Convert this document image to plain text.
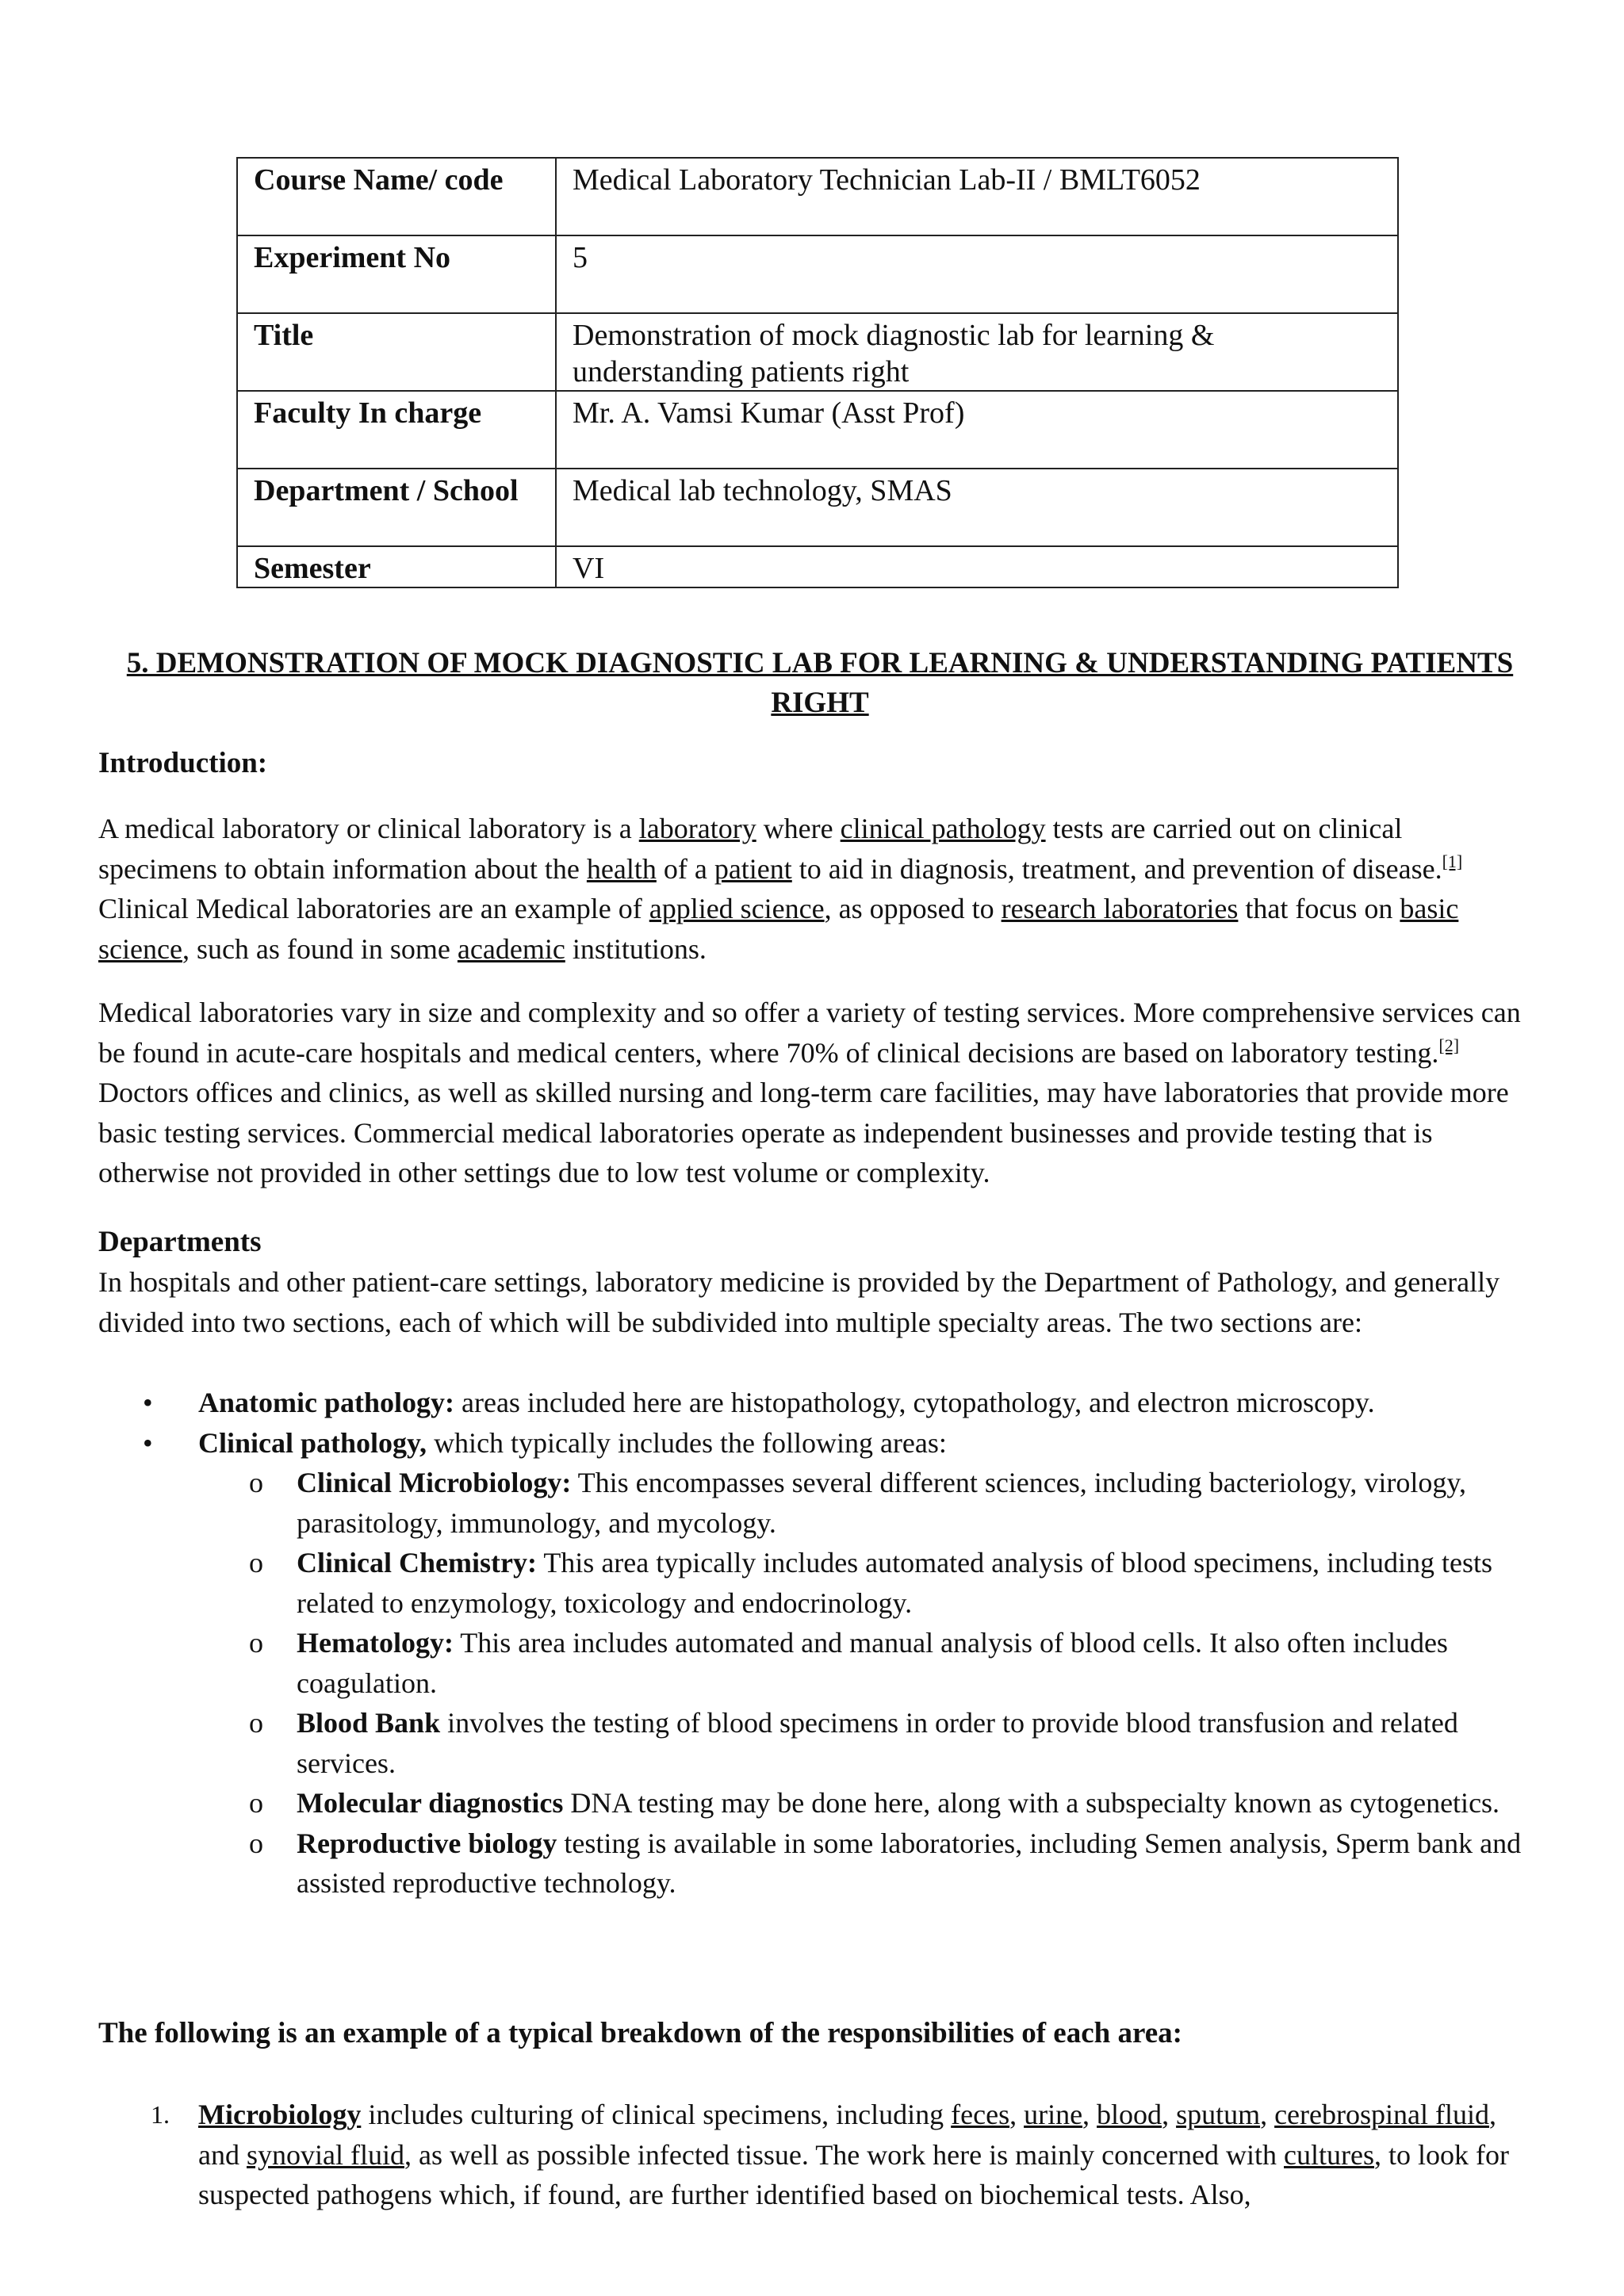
Course Name/ code	Medical Laboratory Technician Lab-II / BMLT6052
Experiment No	5
Title	Demonstration of mock diagnostic lab for learning & understanding patients right
Faculty In charge	Mr. A. Vamsi Kumar (Asst Prof)
Department / School	Medical lab technology, SMAS
Semester	VI
5. DEMONSTRATION OF MOCK DIAGNOSTIC LAB FOR LEARNING & UNDERSTANDING PATIENTS
RIGHT
Introduction:

A medical laboratory or clinical laboratory is a laboratory where clinical pathology tests are carried out on clinical specimens to obtain information about the health of a patient to aid in diagnosis, treatment, and prevention of disease.[1] Clinical Medical laboratories are an example of applied science, as opposed to research laboratories that focus on basic science, such as found in some academic institutions.

Medical laboratories vary in size and complexity and so offer a variety of testing services. More comprehensive services can be found in acute-care hospitals and medical centers, where 70% of clinical decisions are based on laboratory testing.[2] Doctors offices and clinics, as well as skilled nursing and long-term care facilities, may have laboratories that provide more basic testing services. Commercial medical laboratories operate as independent businesses and provide testing that is otherwise not provided in other settings due to low test volume or complexity.

Departments
In hospitals and other patient-care settings, laboratory medicine is provided by the Department of Pathology, and generally divided into two sections, each of which will be subdivided into multiple specialty areas. The two sections are:
• Anatomic pathology: areas included here are histopathology, cytopathology, and electron microscopy.
• Clinical pathology, which typically includes the following areas:
o Clinical Microbiology: This encompasses several different sciences, including bacteriology, virology, parasitology, immunology, and mycology.
o Clinical Chemistry: This area typically includes automated analysis of blood specimens, including tests related to enzymology, toxicology and endocrinology.
o Hematology: This area includes automated and manual analysis of blood cells. It also often includes coagulation.
o Blood Bank involves the testing of blood specimens in order to provide blood transfusion and related services.
o Molecular diagnostics DNA testing may be done here, along with a subspecialty known as cytogenetics.
o Reproductive biology testing is available in some laboratories, including Semen analysis, Sperm bank and assisted reproductive technology.
The following is an example of a typical breakdown of the responsibilities of each area:
1. Microbiology includes culturing of clinical specimens, including feces, urine, blood, sputum, cerebrospinal fluid, and synovial fluid, as well as possible infected tissue. The work here is mainly concerned with cultures, to look for suspected pathogens which, if found, are further identified based on biochemical tests. Also,
